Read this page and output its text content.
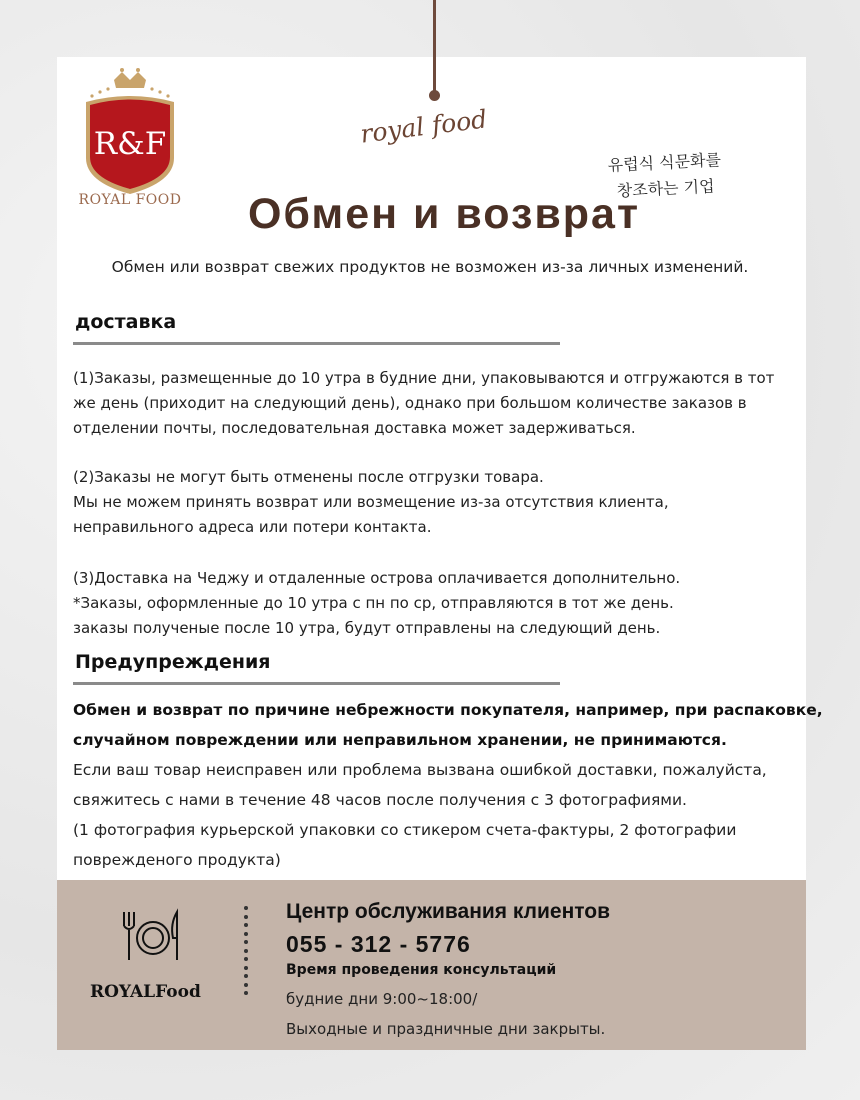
R&F
ROYAL FOOD
royal food
유럽식 식문화를
창조하는 기업
Обмен и возврат
Обмен или возврат свежих продуктов не возможен из-за личных изменений.
доставка
(1)Заказы, размещенные до 10 утра в будние дни, упаковываются и отгружаются в тот
же день (приходит на следующий день), однако при большом количестве заказов в
отделении почты, последовательная доставка может задерживаться.
(2)Заказы не могут быть отменены после отгрузки товара.
Мы не можем принять возврат или возмещение из-за отсутствия клиента,
неправильного адреса или потери контакта.
(3)Доставка на Чеджу и отдаленные острова оплачивается дополнительно.
*Заказы, оформленные до 10 утра с пн по ср, отправляются в тот же день.
заказы полученые после 10 утра, будут отправлены на следующий день.
Предупреждения
Обмен и возврат по причине небрежности покупателя, например, при распаковке,
случайном повреждении или неправильном хранении, не принимаются.
Если ваш товар неисправен или проблема вызвана ошибкой доставки, пожалуйста,
свяжитесь с нами в течение 48 часов после получения с 3 фотографиями.
(1 фотография курьерской упаковки со стикером счета-фактуры, 2 фотографии
поврежденого продукта)
ROYALFood
Центр обслуживания клиентов
055 - 312 - 5776
Время проведения консультаций
будние дни 9:00~18:00/
Выходные и праздничные дни закрыты.
